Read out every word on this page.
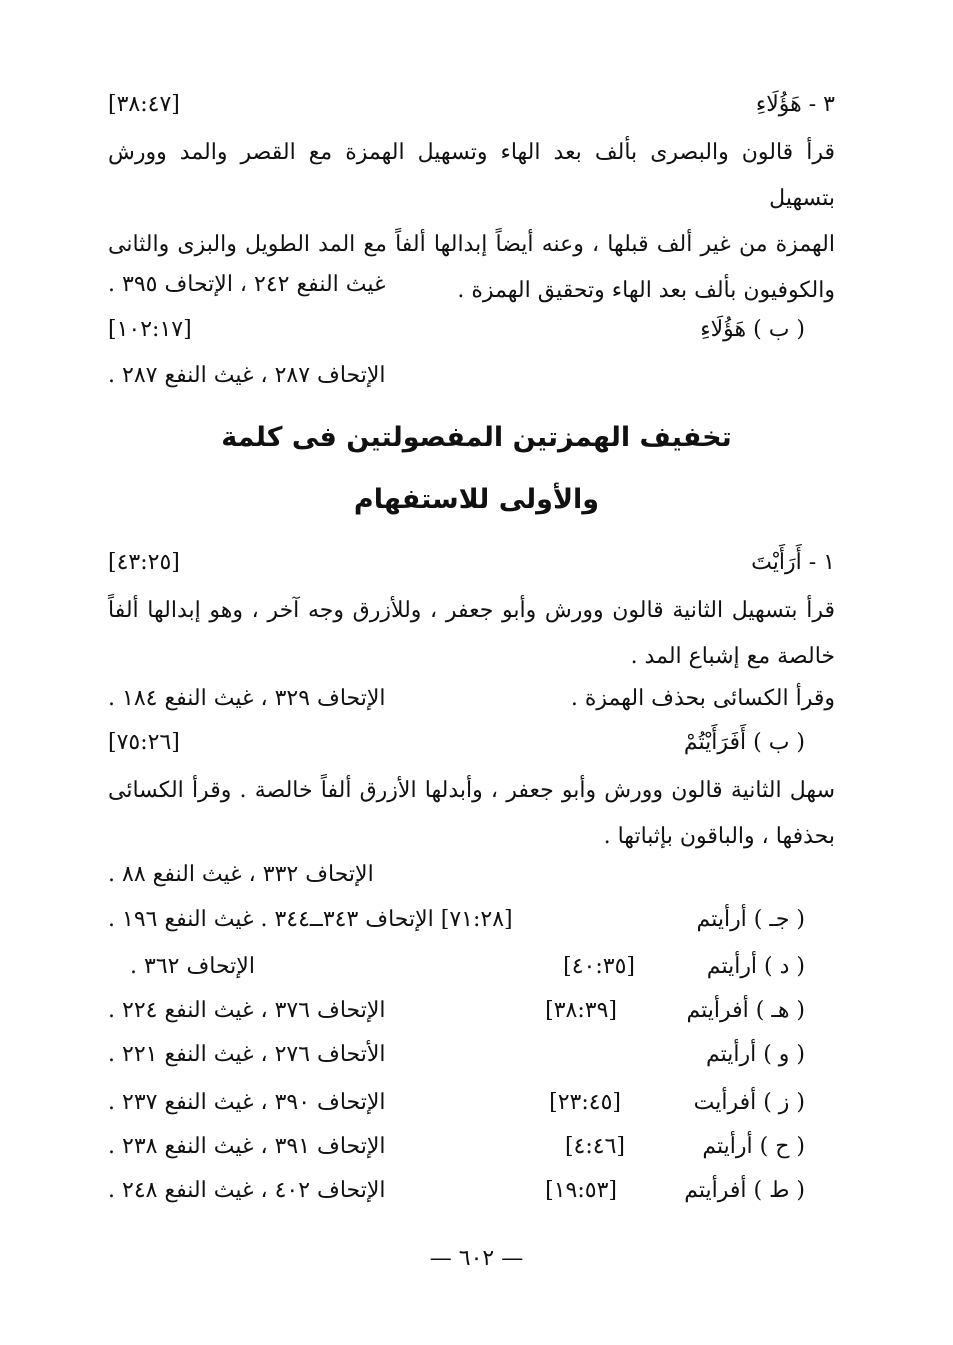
٣ - هَؤُلَاءِ
[٣٨:٤٧]

قرأ قالون والبصرى بألف بعد الهاء وتسهيل الهمزة مع القصر والمد وورش بتسهيل

الهمزة من غير ألف قبلها ، وعنه أيضاً إبدالها ألفاً مع المد الطويل والبزى والثانى

والكوفيون بألف بعد الهاء وتحقيق الهمزة .

غيث النفع ٢٤٢ ، الإتحاف ٣٩٥ .
( ب ) هَؤُلَاءِ
[١٠٢:١٧]
الإتحاف ٢٨٧ ، غيث النفع ٢٨٧ .
تخفيف الهمزتين المفصولتين فى كلمة
والأولى للاستفهام
١ - أَرَأَيْتَ
[٤٣:٢٥]

قرأ بتسهيل الثانية قالون وورش وأبو جعفر ، وللأزرق وجه آخر ، وهو إبدالها ألفاً

خالصة مع إشباع المد .

وقرأ الكسائى بحذف الهمزة .
الإتحاف ٣٢٩ ، غيث النفع ١٨٤ .
( ب ) أَفَرَأَيْتُمْ
[٧٥:٢٦]

سهل الثانية قالون وورش وأبو جعفر ، وأبدلها الأزرق ألفاً خالصة . وقرأ الكسائى

بحذفها ، والباقون بإثباتها .

الإتحاف ٣٣٢ ، غيث النفع ٨٨ .
( جـ ) أرأيتم
[٧١:٢٨] الإتحاف ٣٤٣ــ٣٤٤ . غيث النفع ١٩٦ .
( د ) أرأيتم
[٤٠:٣٥]
الإتحاف ٣٦٢ .
( هـ ) أفرأيتم
[٣٨:٣٩]
الإتحاف ٣٧٦ ، غيث النفع ٢٢٤ .
( و ) أرأيتم
الأتحاف ٢٧٦ ، غيث النفع ٢٢١ .
( ز ) أفرأيت
[٢٣:٤٥]
الإتحاف ٣٩٠ ، غيث النفع ٢٣٧ .
( ح ) أرأيتم
[٤:٤٦]
الإتحاف ٣٩١ ، غيث النفع ٢٣٨ .
( ط ) أفرأيتم
[١٩:٥٣]
الإتحاف ٤٠٢ ، غيث النفع ٢٤٨ .
— ٦٠٢ —
